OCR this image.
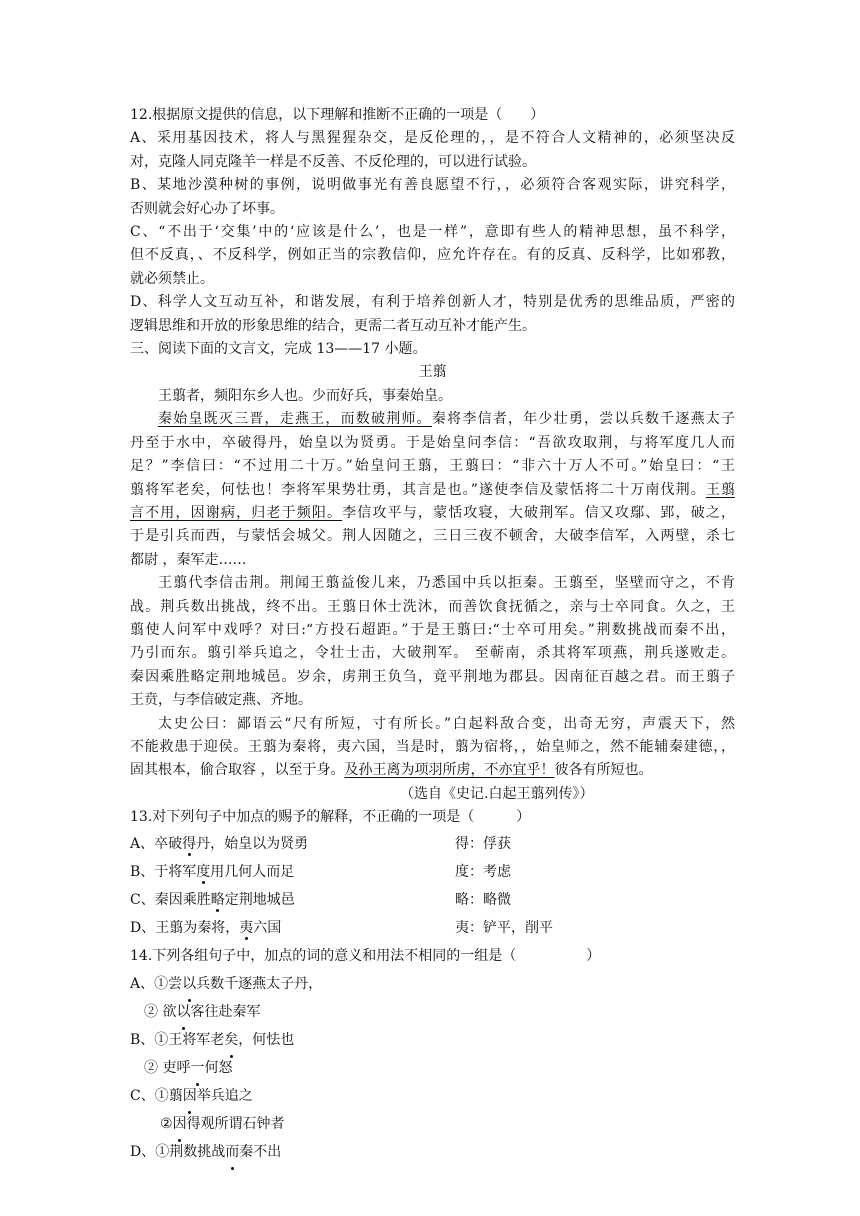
12.根据原文提供的信息，以下理解和推断不正确的一项是（　　）
A、采用基因技术，将人与黑猩猩杂交，是反伦理的，，是不符合人文精神的，必须坚决反
对，克隆人同克隆羊一样是不反善、不反伦理的，可以进行试验。
B、某地沙漠种树的事例，说明做事光有善良愿望不行，，必须符合客观实际，讲究科学，
否则就会好心办了坏事。
C、“不出于‘交集’中的‘应该是什么’，也是一样”，意即有些人的精神思想，虽不科学，
但不反真，、不反科学，例如正当的宗教信仰，应允许存在。有的反真、反科学，比如邪教，
就必须禁止。
D、科学人文互动互补，和谐发展，有利于培养创新人才，特别是优秀的思维品质，严密的
逻辑思维和开放的形象思维的结合，更需二者互动互补才能产生。
三、阅读下面的文言文，完成 13——17 小题。
王翦
王翦者，频阳东乡人也。少而好兵，事秦始皇。
秦始皇既灭三晋，走燕王，而数破荆师。秦将李信者，年少壮勇，尝以兵数千逐燕太子
丹至于水中，卒破得丹，始皇以为贤勇。于是始皇问李信：“吾欲攻取荆，与将军度几人而
足？”李信曰：“不过用二十万。”始皇问王翦，王翦曰：“非六十万人不可。”始皇曰：“王
翦将军老矣，何怯也！李将军果势壮勇，其言是也。”遂使李信及蒙恬将二十万南伐荆。王翦
言不用，因谢病，归老于频阳。李信攻平与，蒙恬攻寝，大破荆军。信又攻鄢、郢，破之，
于是引兵而西，与蒙恬会城父。荆人因随之，三日三夜不顿舍，大破李信军，入两壁，杀七
都尉 ，秦军走……
王翦代李信击荆。荆闻王翦益俊儿来，乃悉国中兵以拒秦。王翦至，坚壁而守之，不肯
战。荆兵数出挑战，终不出。王翦日休士洗沐，而善饮食抚循之，亲与士卒同食。久之，王
翦使人问军中戏呼？对曰:“方投石超距。”于是王翦曰:“士卒可用矣。”荆数挑战而秦不出，
乃引而东。翦引举兵追之，令壮士击，大破荆军。 至蕲南，杀其将军项燕，荆兵遂败走。
秦因乘胜略定荆地城邑。岁余，虏荆王负刍，竟平荆地为郡县。因南征百越之君。而王翦子
王贲，与李信破定燕、齐地。
太史公曰：鄙语云“尺有所短，寸有所长。”白起料敌合变，出奇无穷，声震天下，然
不能救患于迎侯。王翦为秦将，夷六国，当是时，翦为宿将，，始皇师之，然不能辅秦建德，，
固其根本，偷合取容 ，以至于身。及孙王离为项羽所虏，不亦宜乎！彼各有所短也。
（选自《史记.白起王翦列传》）
13.对下列句子中加点的赐予的解释，不正确的一项是（　　　）
A、卒破得丹，始皇以为贤勇	得：俘获
B、于将军度用几何人而足	度：考虑
C、秦因乘胜略定荆地城邑	略：略微
D、王翦为秦将，夷六国	夷：铲平，削平
14.下列各组句子中，加点的词的意义和用法不相同的一组是（　　　　　）
A、①尝 以 兵数千逐燕太子丹，
② 欲 以 客往赴秦军
B、①王将军老 矣 ，何怯也
② 吏呼 一 何怒
C、①翦 因 举兵追之
② 因 得观所谓石钟者
D、①荆数挑战 而 秦不出
